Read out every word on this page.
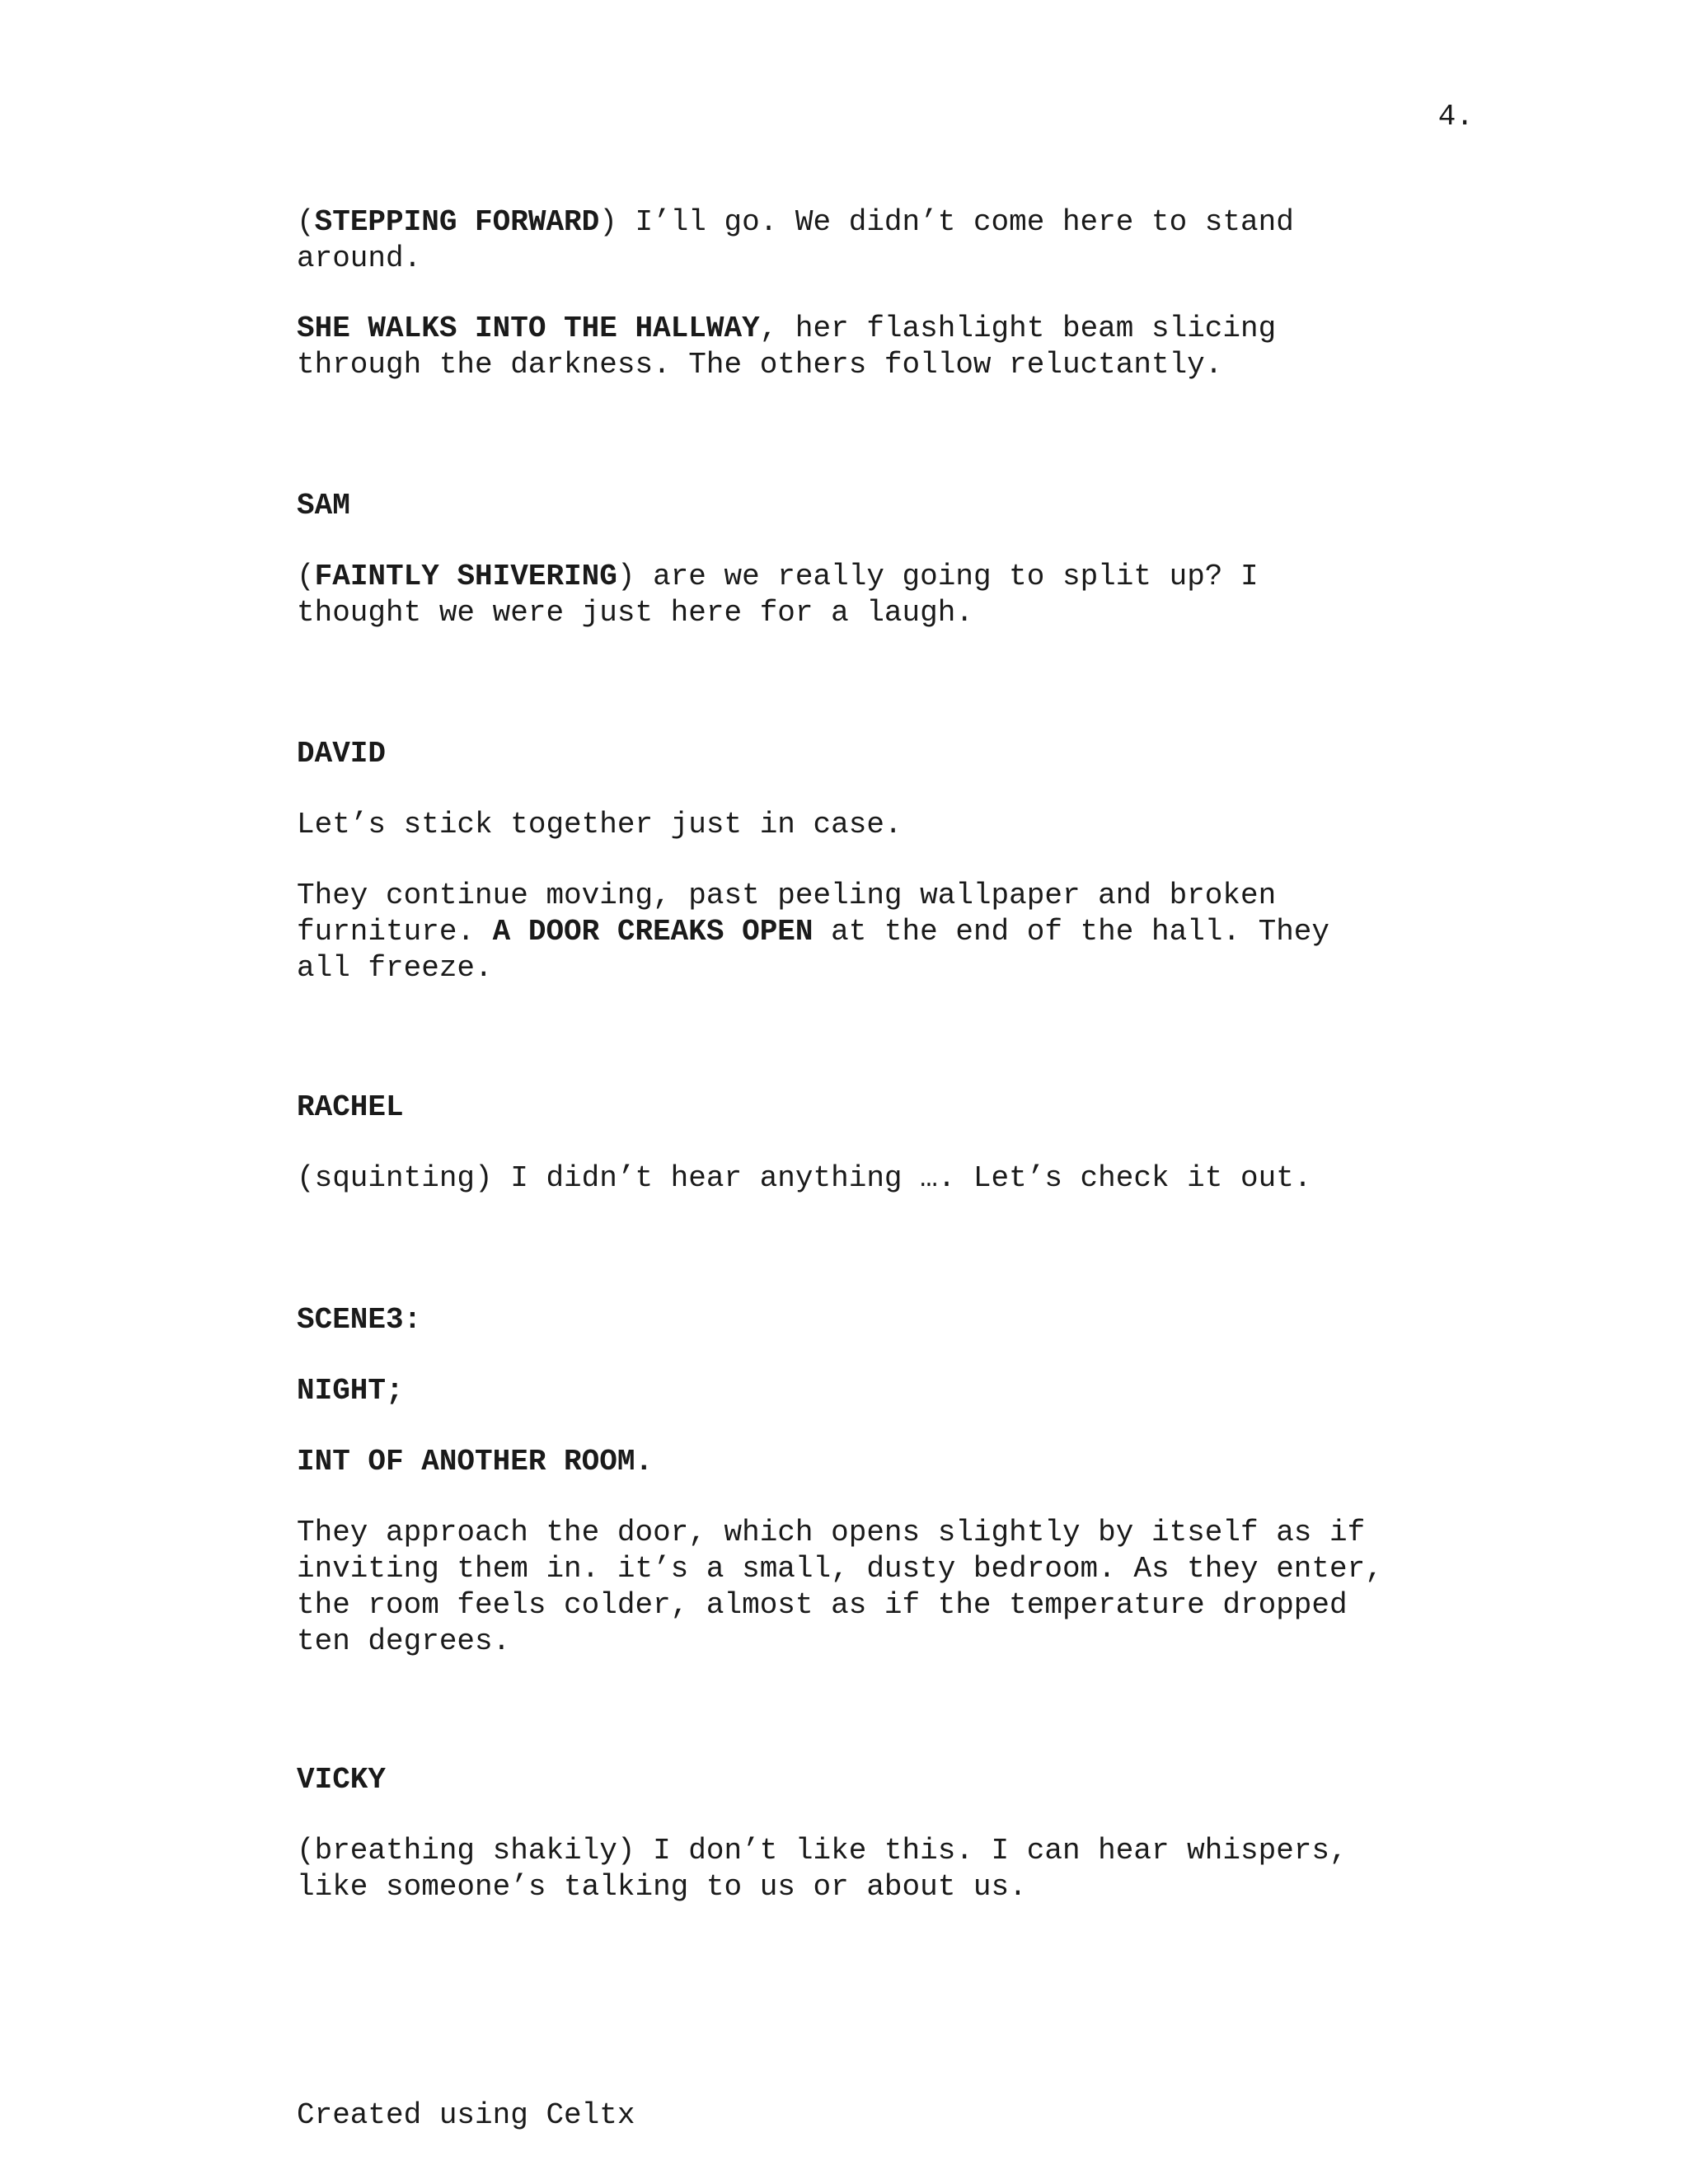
4.
(STEPPING FORWARD) I’ll go. We didn’t come here to stand
around.
SHE WALKS INTO THE HALLWAY, her flashlight beam slicing
through the darkness. The others follow reluctantly.
SAM
(FAINTLY SHIVERING) are we really going to split up? I
thought we were just here for a laugh.
DAVID
Let’s stick together just in case.
They continue moving, past peeling wallpaper and broken
furniture. A DOOR CREAKS OPEN at the end of the hall. They
all freeze.
RACHEL
(squinting) I didn’t hear anything …. Let’s check it out.
SCENE3:
NIGHT;
INT OF ANOTHER ROOM.
They approach the door, which opens slightly by itself as if
inviting them in. it’s a small, dusty bedroom. As they enter,
the room feels colder, almost as if the temperature dropped
ten degrees.
VICKY
(breathing shakily) I don’t like this. I can hear whispers,
like someone’s talking to us or about us.
Created using Celtx
